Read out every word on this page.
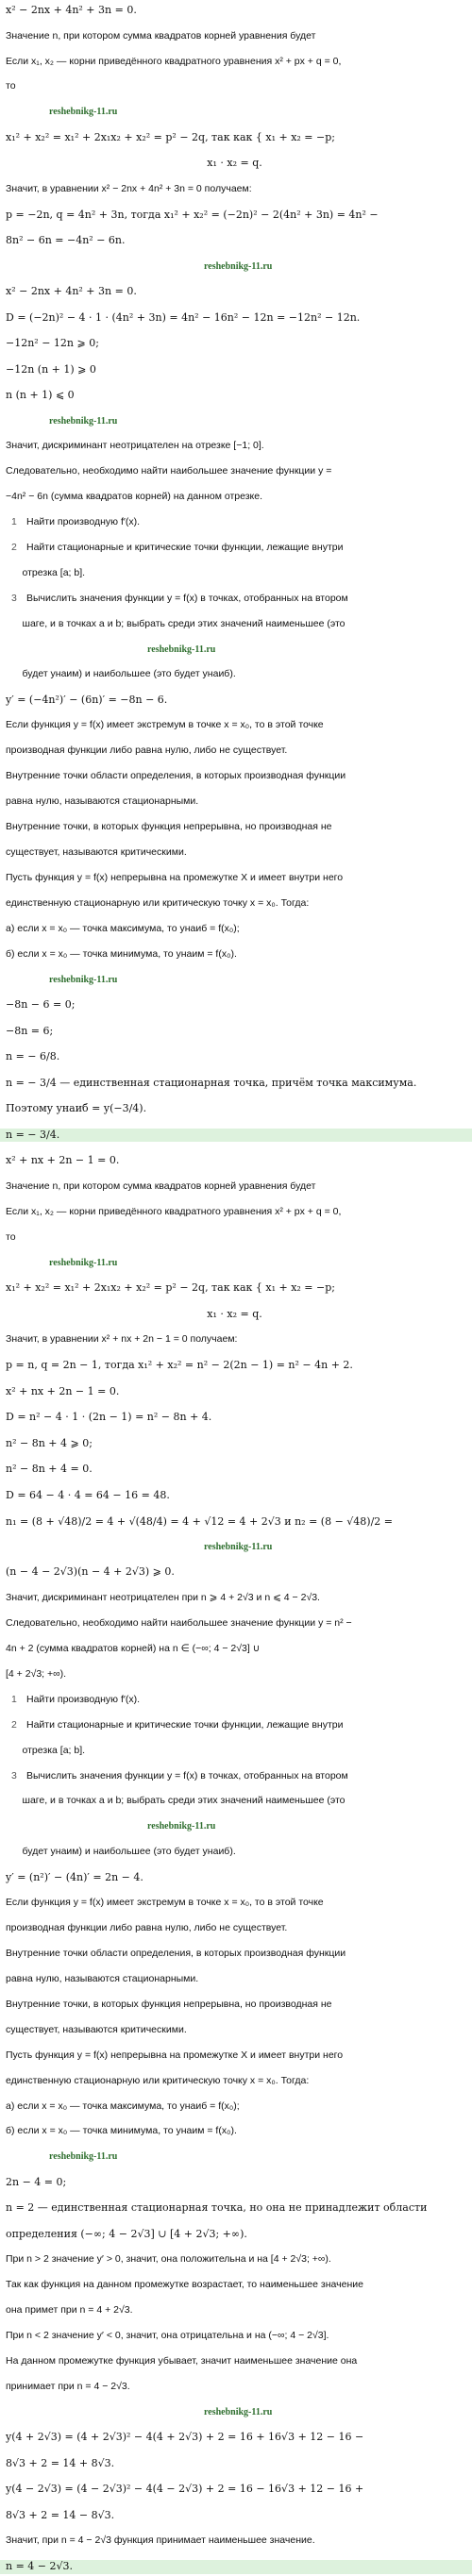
x² − 2nx + 4n² + 3n = 0.
Значение n, при котором сумма квадратов корней уравнения будет
Если x₁, x₂ — корни приведённого квадратного уравнения x² + px + q = 0,
то
reshebnikg-11.ru
x₁² + x₂² = x₁² + 2x₁x₂ + x₂² = p² − 2q, так как { x₁ + x₂ = −p;
x₁ · x₂ = q.
Значит, в уравнении x² − 2nx + 4n² + 3n = 0 получаем:
p = −2n, q = 4n² + 3n, тогда x₁² + x₂² = (−2n)² − 2(4n² + 3n) = 4n² −
8n² − 6n = −4n² − 6n.
reshebnikg-11.ru
x² − 2nx + 4n² + 3n = 0.
D = (−2n)² − 4 · 1 · (4n² + 3n) = 4n² − 16n² − 12n = −12n² − 12n.
−12n² − 12n ⩾ 0;
−12n (n + 1) ⩾ 0
n (n + 1) ⩽ 0
reshebnikg-11.ru
Значит, дискриминант неотрицателен на отрезке [−1; 0].
Следовательно, необходимо найти наибольшее значение функции y =
−4n² − 6n (сумма квадратов корней) на данном отрезке.
1 Найти производную f′(x).
2 Найти стационарные и критические точки функции, лежащие внутри
отрезка [a; b].
3 Вычислить значения функции y = f(x) в точках, отобранных на втором
шаге, и в точках a и b; выбрать среди этих значений наименьшее (это
reshebnikg-11.ru
будет yнаим) и наибольшее (это будет yнаиб).
y′ = (−4n²)′ − (6n)′ = −8n − 6.
Если функция y = f(x) имеет экстремум в точке x = x₀, то в этой точке
производная функции либо равна нулю, либо не существует.
Внутренние точки области определения, в которых производная функции
равна нулю, называются стационарными.
Внутренние точки, в которых функция непрерывна, но производная не
существует, называются критическими.
Пусть функция y = f(x) непрерывна на промежутке X и имеет внутри него
единственную стационарную или критическую точку x = x₀. Тогда:
а) если x = x₀ — точка максимума, то yнаиб = f(x₀);
б) если x = x₀ — точка минимума, то yнаим = f(x₀).
reshebnikg-11.ru
−8n − 6 = 0;
−8n = 6;
n = − 6/8.
n = − 3/4 — единственная стационарная точка, причём точка максимума.
Поэтому yнаиб = y(−3/4).
n = − 3/4.
x² + nx + 2n − 1 = 0.
Значение n, при котором сумма квадратов корней уравнения будет
Если x₁, x₂ — корни приведённого квадратного уравнения x² + px + q = 0,
то
reshebnikg-11.ru
x₁² + x₂² = x₁² + 2x₁x₂ + x₂² = p² − 2q, так как { x₁ + x₂ = −p;
x₁ · x₂ = q.
Значит, в уравнении x² + nx + 2n − 1 = 0 получаем:
p = n, q = 2n − 1, тогда x₁² + x₂² = n² − 2(2n − 1) = n² − 4n + 2.
x² + nx + 2n − 1 = 0.
D = n² − 4 · 1 · (2n − 1) = n² − 8n + 4.
n² − 8n + 4 ⩾ 0;
n² − 8n + 4 = 0.
D = 64 − 4 · 4 = 64 − 16 = 48.
n₁ = (8 + √48)/2 = 4 + √(48/4) = 4 + √12 = 4 + 2√3 и n₂ = (8 − √48)/2 =
reshebnikg-11.ru
(n − 4 − 2√3)(n − 4 + 2√3) ⩾ 0.
Значит, дискриминант неотрицателен при n ⩾ 4 + 2√3 и n ⩽ 4 − 2√3.
Следовательно, необходимо найти наибольшее значение функции y = n² −
4n + 2 (сумма квадратов корней) на n ∈ (−∞; 4 − 2√3] ∪
[4 + 2√3; +∞).
1 Найти производную f′(x).
2 Найти стационарные и критические точки функции, лежащие внутри
отрезка [a; b].
3 Вычислить значения функции y = f(x) в точках, отобранных на втором
шаге, и в точках a и b; выбрать среди этих значений наименьшее (это
reshebnikg-11.ru
будет yнаим) и наибольшее (это будет yнаиб).
y′ = (n²)′ − (4n)′ = 2n − 4.
Если функция y = f(x) имеет экстремум в точке x = x₀, то в этой точке
производная функции либо равна нулю, либо не существует.
Внутренние точки области определения, в которых производная функции
равна нулю, называются стационарными.
Внутренние точки, в которых функция непрерывна, но производная не
существует, называются критическими.
Пусть функция y = f(x) непрерывна на промежутке X и имеет внутри него
единственную стационарную или критическую точку x = x₀. Тогда:
а) если x = x₀ — точка максимума, то yнаиб = f(x₀);
б) если x = x₀ — точка минимума, то yнаим = f(x₀).
reshebnikg-11.ru
2n − 4 = 0;
n = 2 — единственная стационарная точка, но она не принадлежит области
определения (−∞; 4 − 2√3] ∪ [4 + 2√3; +∞).
При n > 2 значение y′ > 0, значит, она положительна и на [4 + 2√3; +∞).
Так как функция на данном промежутке возрастает, то наименьшее значение
она примет при n = 4 + 2√3.
При n < 2 значение y′ < 0, значит, она отрицательна и на (−∞; 4 − 2√3].
На данном промежутке функция убывает, значит наименьшее значение она
принимает при n = 4 − 2√3.
reshebnikg-11.ru
y(4 + 2√3) = (4 + 2√3)² − 4(4 + 2√3) + 2 = 16 + 16√3 + 12 − 16 −
8√3 + 2 = 14 + 8√3.
y(4 − 2√3) = (4 − 2√3)² − 4(4 − 2√3) + 2 = 16 − 16√3 + 12 − 16 +
8√3 + 2 = 14 − 8√3.
Значит, при n = 4 − 2√3 функция принимает наименьшее значение.
n = 4 − 2√3.
